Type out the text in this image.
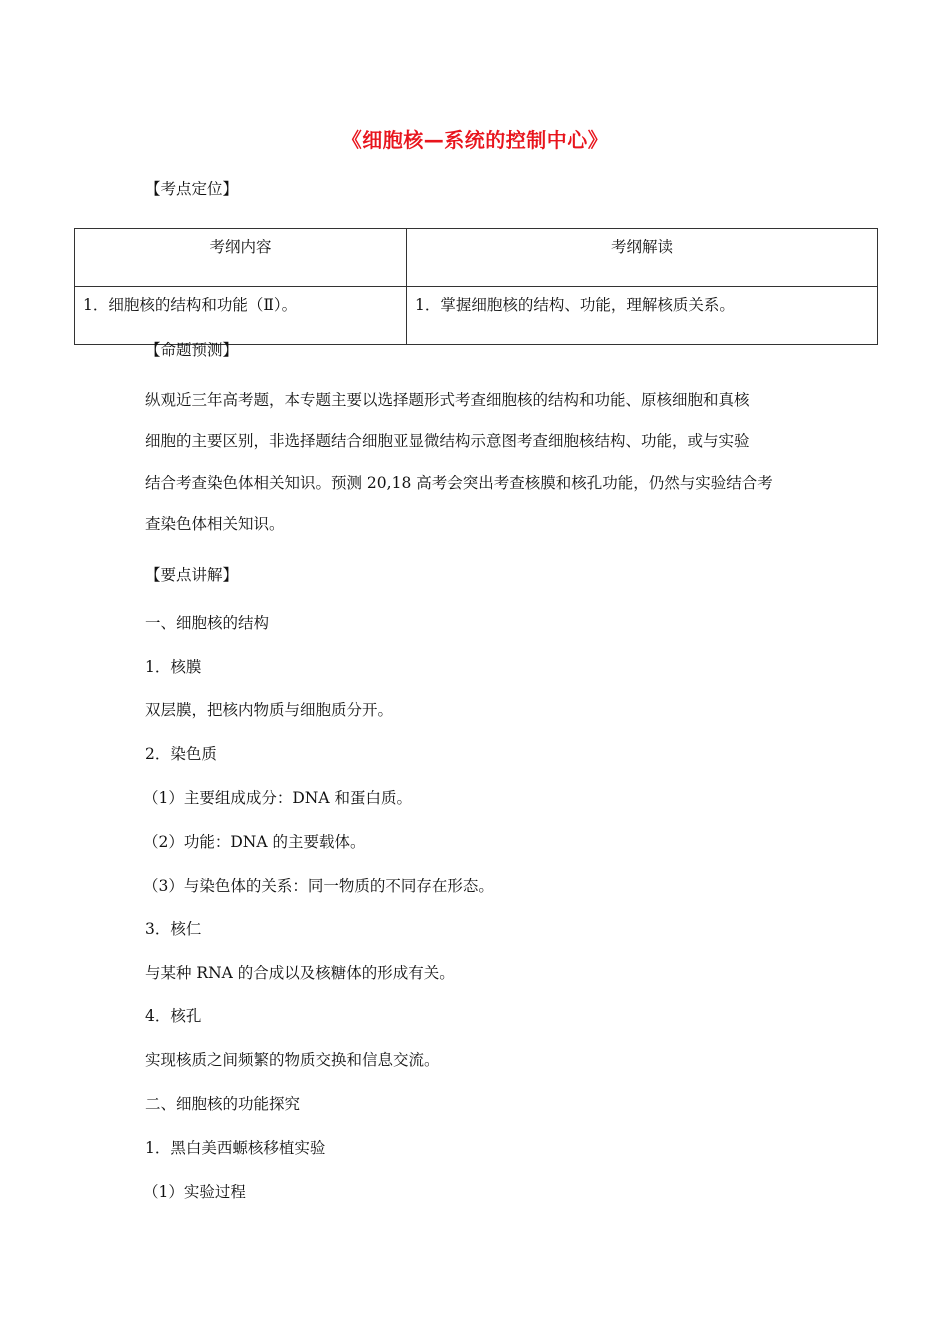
《细胞核—系统的控制中心》
【考点定位】
考纲内容	考纲解读
1．细胞核的结构和功能（Ⅱ）。	1．掌握细胞核的结构、功能，理解核质关系。
【命题预测】
纵观近三年高考题，本专题主要以选择题形式考查细胞核的结构和功能、原核细胞和真核
细胞的主要区别，非选择题结合细胞亚显微结构示意图考查细胞核结构、功能，或与实验
结合考查染色体相关知识。预测 20,18 高考会突出考查核膜和核孔功能，仍然与实验结合考
查染色体相关知识。
【要点讲解】
一、细胞核的结构
1．核膜
双层膜，把核内物质与细胞质分开。
2．染色质
（1）主要组成成分：DNA 和蛋白质。
（2）功能：DNA 的主要载体。
（3）与染色体的关系：同一物质的不同存在形态。
3．核仁
与某种 RNA 的合成以及核糖体的形成有关。
4．核孔
实现核质之间频繁的物质交换和信息交流。
二、细胞核的功能探究
1．黑白美西螈核移植实验
（1）实验过程
